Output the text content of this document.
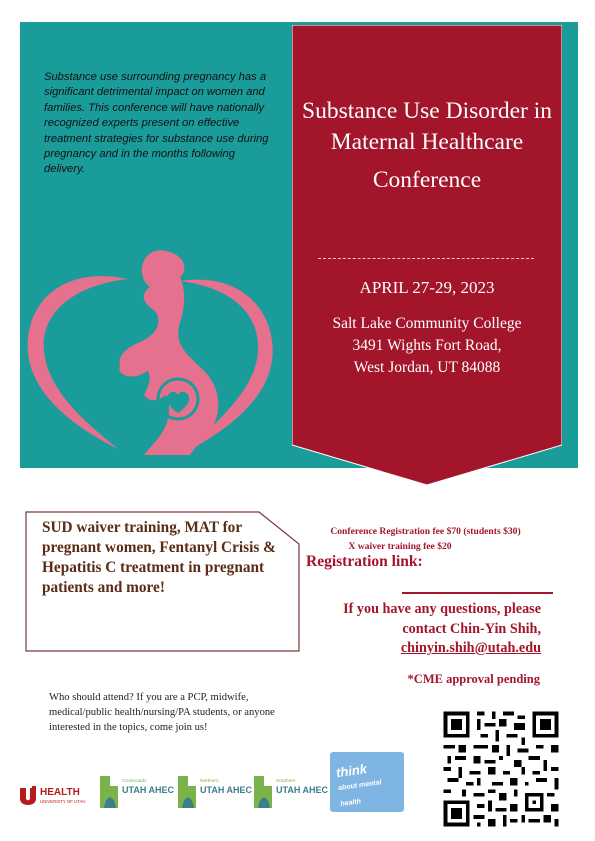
Substance use surrounding pregnancy has a significant detrimental impact on women and families. This conference will have nationally recognized experts present on effective treatment strategies for substance use during pregnancy and in the months following delivery.
Substance Use Disorder in Maternal Healthcare
Conference
APRIL 27-29, 2023
Salt Lake Community College
3491 Wights Fort Road,
West Jordan, UT 84088
SUD waiver training, MAT for pregnant women, Fentanyl Crisis & Hepatitis C treatment in pregnant patients and more!
Conference Registration fee $70 (students $30)
X waiver training fee $20
Registration link:
If you have any questions, please
contact Chin-Yin Shih,
chinyin.shih@utah.edu
*CME approval pending
Who should attend? If you are a PCP, midwife, medical/public health/nursing/PA students, or anyone interested in the topics, come join us!
HEALTH
UNIVERSITY OF UTAH
Crossroads
UTAH AHEC
Northern
UTAH AHEC
Southern
UTAH AHEC
think
about mental health
